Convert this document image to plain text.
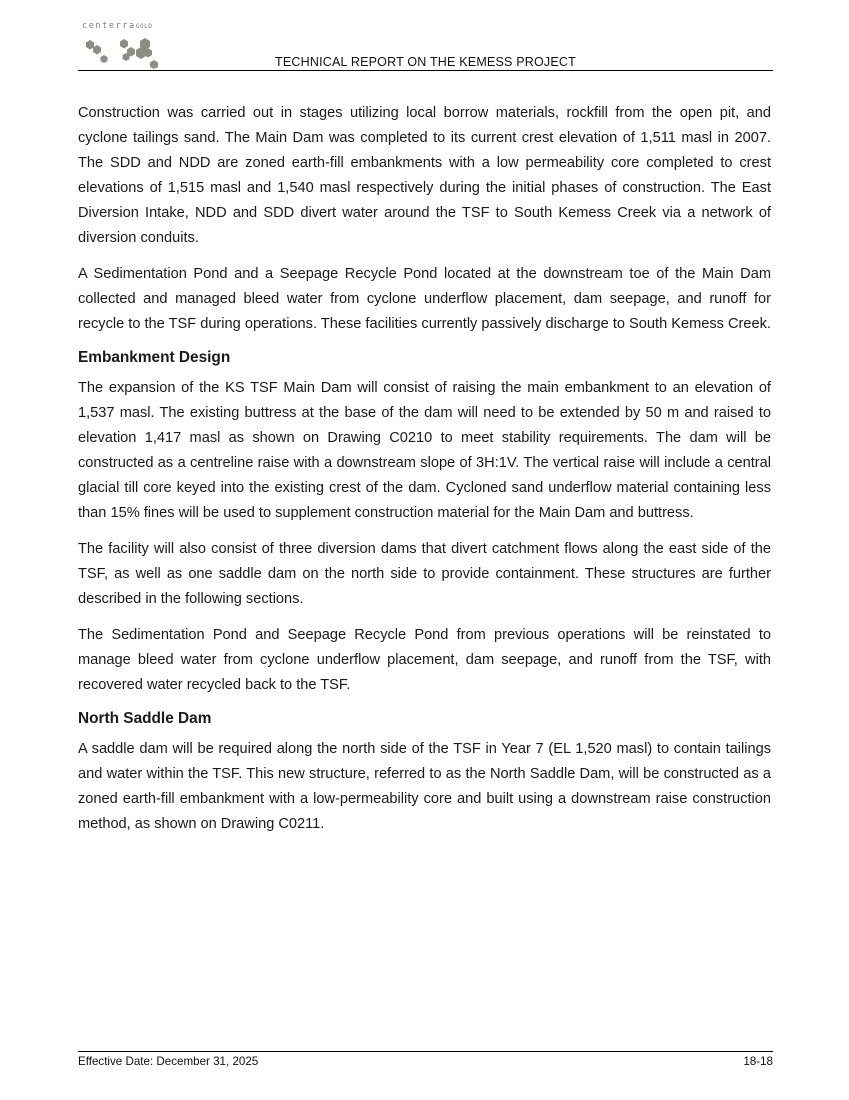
centerraGOLD
TECHNICAL REPORT ON THE KEMESS PROJECT

Construction was carried out in stages utilizing local borrow materials, rockfill from the open pit, and cyclone tailings sand. The Main Dam was completed to its current crest elevation of 1,511 masl in 2007. The SDD and NDD are zoned earth-fill embankments with a low permeability core completed to crest elevations of 1,515 masl and 1,540 masl respectively during the initial phases of construction. The East Diversion Intake, NDD and SDD divert water around the TSF to South Kemess Creek via a network of diversion conduits.

A Sedimentation Pond and a Seepage Recycle Pond located at the downstream toe of the Main Dam collected and managed bleed water from cyclone underflow placement, dam seepage, and runoff for recycle to the TSF during operations. These facilities currently passively discharge to South Kemess Creek.

Embankment Design

The expansion of the KS TSF Main Dam will consist of raising the main embankment to an elevation of 1,537 masl. The existing buttress at the base of the dam will need to be extended by 50 m and raised to elevation 1,417 masl as shown on Drawing C0210 to meet stability requirements. The dam will be constructed as a centreline raise with a downstream slope of 3H:1V. The vertical raise will include a central glacial till core keyed into the existing crest of the dam. Cycloned sand underflow material containing less than 15% fines will be used to supplement construction material for the Main Dam and buttress.

The facility will also consist of three diversion dams that divert catchment flows along the east side of the TSF, as well as one saddle dam on the north side to provide containment. These structures are further described in the following sections.

The Sedimentation Pond and Seepage Recycle Pond from previous operations will be reinstated to manage bleed water from cyclone underflow placement, dam seepage, and runoff from the TSF, with recovered water recycled back to the TSF.

North Saddle Dam

A saddle dam will be required along the north side of the TSF in Year 7 (EL 1,520 masl) to contain tailings and water within the TSF. This new structure, referred to as the North Saddle Dam, will be constructed as a zoned earth-fill embankment with a low-permeability core and built using a downstream raise construction method, as shown on Drawing C0211.

Effective Date: December 31, 2025	18-18
